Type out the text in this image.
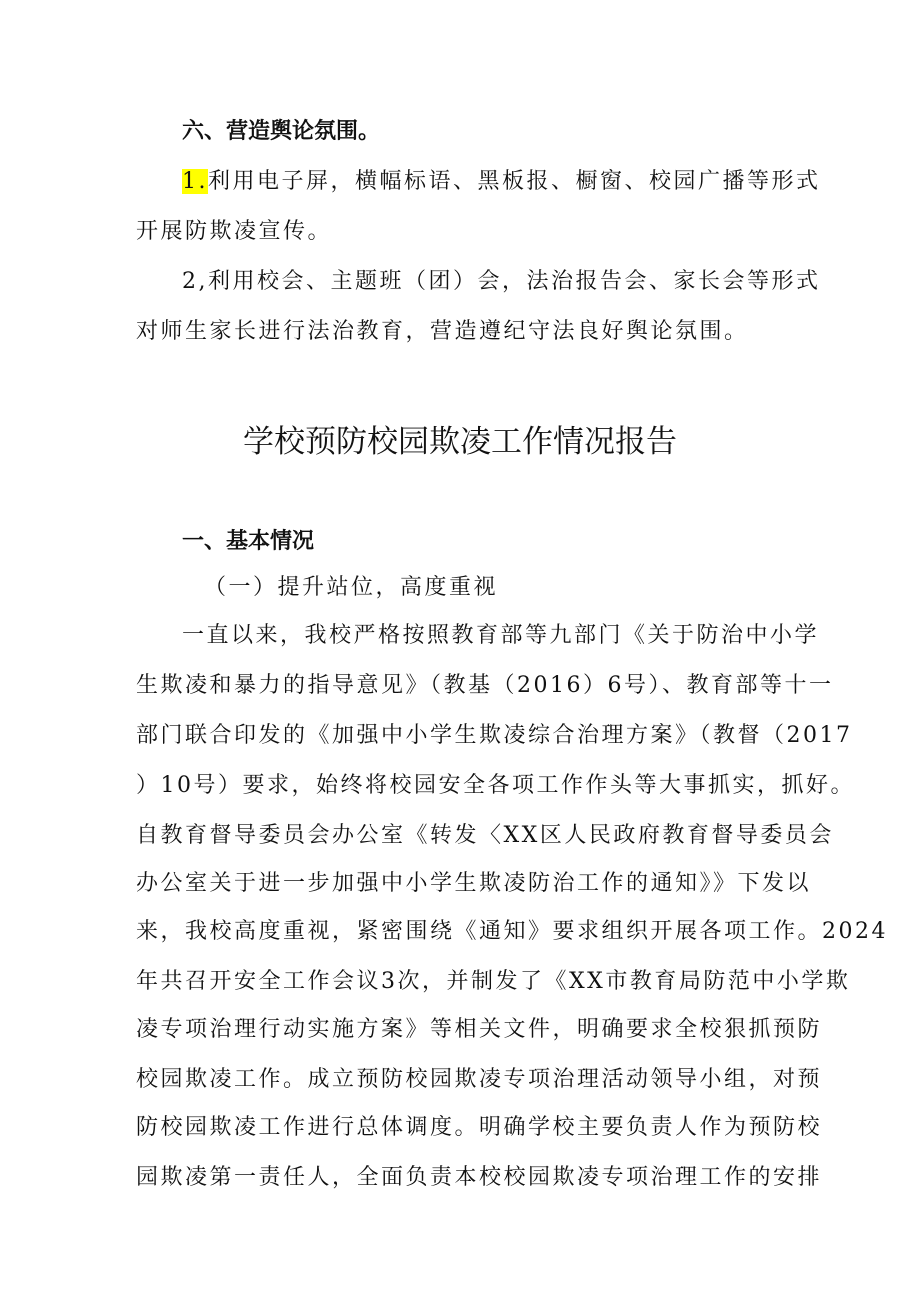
六、营造舆论氛围。
1.利用电子屏，横幅标语、黑板报、橱窗、校园广播等形式
开展防欺凌宣传。
2,利用校会、主题班（团）会，法治报告会、家长会等形式
对师生家长进行法治教育，营造遵纪守法良好舆论氛围。
学校预防校园欺凌工作情况报告
一、基本情况
（一）提升站位，高度重视
一直以来，我校严格按照教育部等九部门《关于防治中小学
生欺凌和暴力的指导意见》（教基（2016）6号）、教育部等十一
部门联合印发的《加强中小学生欺凌综合治理方案》（教督（2017
）10号）要求，始终将校园安全各项工作作头等大事抓实，抓好。
自教育督导委员会办公室《转发〈XX区人民政府教育督导委员会
办公室关于进一步加强中小学生欺凌防治工作的通知》》下发以
来，我校高度重视，紧密围绕《通知》要求组织开展各项工作。2024
年共召开安全工作会议3次，并制发了《XX市教育局防范中小学欺
凌专项治理行动实施方案》等相关文件，明确要求全校狠抓预防
校园欺凌工作。成立预防校园欺凌专项治理活动领导小组，对预
防校园欺凌工作进行总体调度。明确学校主要负责人作为预防校
园欺凌第一责任人，全面负责本校校园欺凌专项治理工作的安排
